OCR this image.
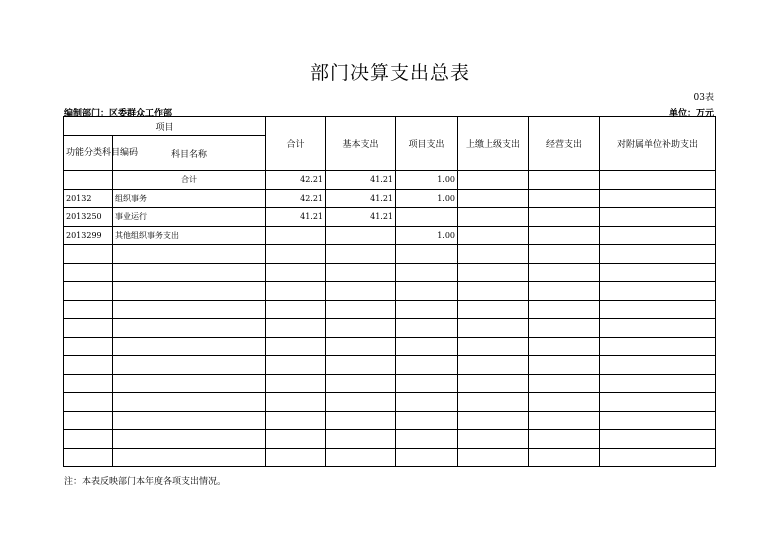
部门决算支出总表
03表
编制部门：区委群众工作部	单位：万元
项目		合计	基本支出	项目支出	上缴上级支出	经营支出	对附属单位补助支出
功能分类科目编码	科目名称						
	合计	42.21	41.21	1.00			
20132	组织事务	42.21	41.21	1.00			
2013250	事业运行	41.21	41.21				
2013299	其他组织事务支出			1.00			

注：本表反映部门本年度各项支出情况。
